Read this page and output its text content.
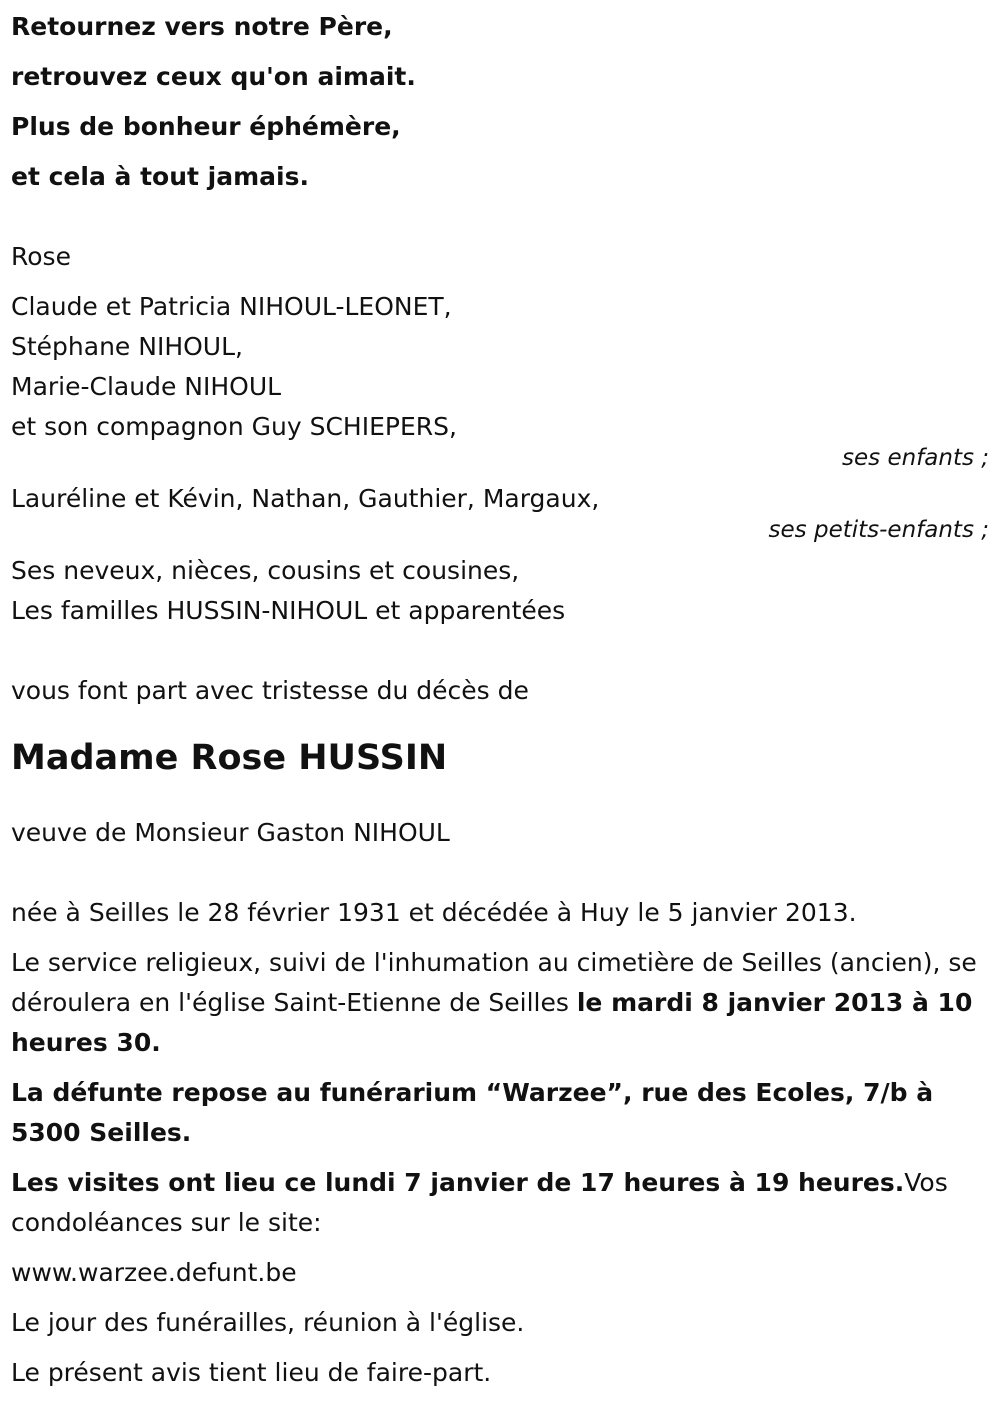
Retournez vers notre Père,

retrouvez ceux qu'on aimait.

Plus de bonheur éphémère,

et cela à tout jamais.

Rose
Claude et Patricia NIHOUL-LEONET,
Stéphane NIHOUL,
Marie-Claude NIHOUL
et son compagnon Guy SCHIEPERS,
ses enfants ;
Lauréline et Kévin, Nathan, Gauthier, Margaux,
ses petits-enfants ;
Ses neveux, nièces, cousins et cousines,
Les familles HUSSIN-NIHOUL et apparentées

vous font part avec tristesse du décès de

Madame Rose HUSSIN

veuve de Monsieur Gaston NIHOUL

née à Seilles le 28 février 1931 et décédée à Huy le 5 janvier 2013.

Le service religieux, suivi de l'inhumation au cimetière de Seilles (ancien), se déroulera en l'église Saint-Etienne de Seilles le mardi 8 janvier 2013 à 10 heures 30.

La défunte repose au funérarium “Warzee”, rue des Ecoles, 7/b à 5300 Seilles.

Les visites ont lieu ce lundi 7 janvier de 17 heures à 19 heures.Vos condoléances sur le site:

www.warzee.defunt.be

Le jour des funérailles, réunion à l'église.

Le présent avis tient lieu de faire-part.
